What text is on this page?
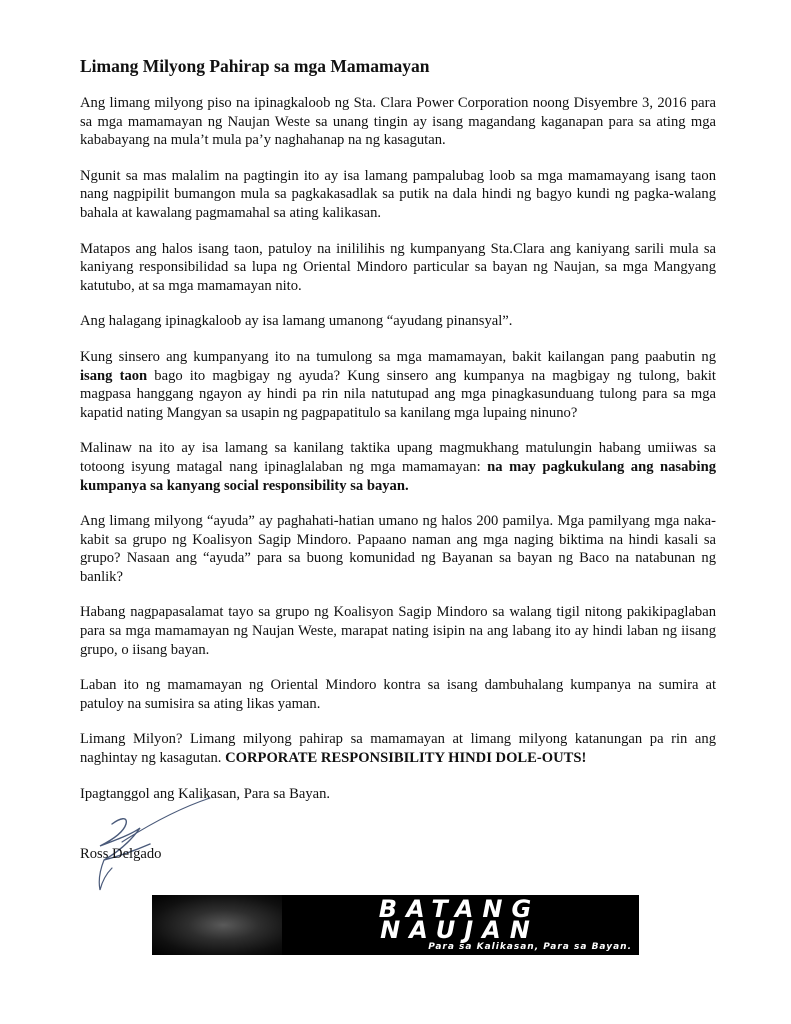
Limang Milyong Pahirap sa mga Mamamayan

Ang limang milyong piso na ipinagkaloob ng Sta. Clara Power Corporation noong Disyembre 3, 2016 para sa mga mamamayan ng Naujan Weste sa unang tingin ay isang magandang kaganapan para sa ating mga kababayang na mula’t mula pa’y naghahanap na ng kasagutan.

Ngunit sa mas malalim na pagtingin ito ay isa lamang pampalubag loob sa mga mamamayang isang taon nang nagpipilit bumangon mula sa pagkakasadlak sa putik na dala hindi ng bagyo kundi ng pagka-walang bahala at kawalang pagmamahal sa ating kalikasan.

Matapos ang halos isang taon, patuloy na inililihis ng kumpanyang Sta.Clara ang kaniyang sarili mula sa kaniyang responsibilidad sa lupa ng Oriental Mindoro particular sa bayan ng Naujan, sa mga Mangyang katutubo, at sa mga mamamayan nito.

Ang halagang ipinagkaloob ay isa lamang umanong “ayudang pinansyal”.

Kung sinsero ang kumpanyang ito na tumulong sa mga mamamayan, bakit kailangan pang paabutin ng isang taon bago ito magbigay ng ayuda? Kung sinsero ang kumpanya na magbigay ng tulong, bakit magpasa hanggang ngayon ay hindi pa rin nila natutupad ang mga pinagkasunduang tulong para sa mga kapatid nating Mangyan sa usapin ng pagpapatitulo sa kanilang mga lupaing ninuno?

Malinaw na ito ay isa lamang sa kanilang taktika upang magmukhang matulungin habang umiiwas sa totoong isyung matagal nang ipinaglalaban ng mga mamamayan: na may pagkukulang ang nasabing kumpanya sa kanyang social responsibility sa bayan.

Ang limang milyong “ayuda” ay paghahati-hatian umano ng halos 200 pamilya. Mga pamilyang mga naka-kabit sa grupo ng Koalisyon Sagip Mindoro. Papaano naman ang mga naging biktima na hindi kasali sa grupo? Nasaan ang “ayuda” para sa buong komunidad ng Bayanan sa bayan ng Baco na natabunan ng banlik?

Habang nagpapasalamat tayo sa grupo ng Koalisyon Sagip Mindoro sa walang tigil nitong pakikipaglaban para sa mga mamamayan ng Naujan Weste, marapat nating isipin na ang labang ito ay hindi laban ng iisang grupo, o iisang bayan.

Laban ito ng mamamayan ng Oriental Mindoro kontra sa isang dambuhalang kumpanya na sumira at patuloy na sumisira sa ating likas yaman.

Limang Milyon? Limang milyong pahirap sa mamamayan at limang milyong katanungan pa rin ang naghintay ng kasagutan. CORPORATE RESPONSIBILITY HINDI DOLE-OUTS!

Ipagtanggol ang Kalikasan, Para sa Bayan.

Ross Delgado
BATANG
NAUJAN
Para sa Kalikasan, Para sa Bayan.
